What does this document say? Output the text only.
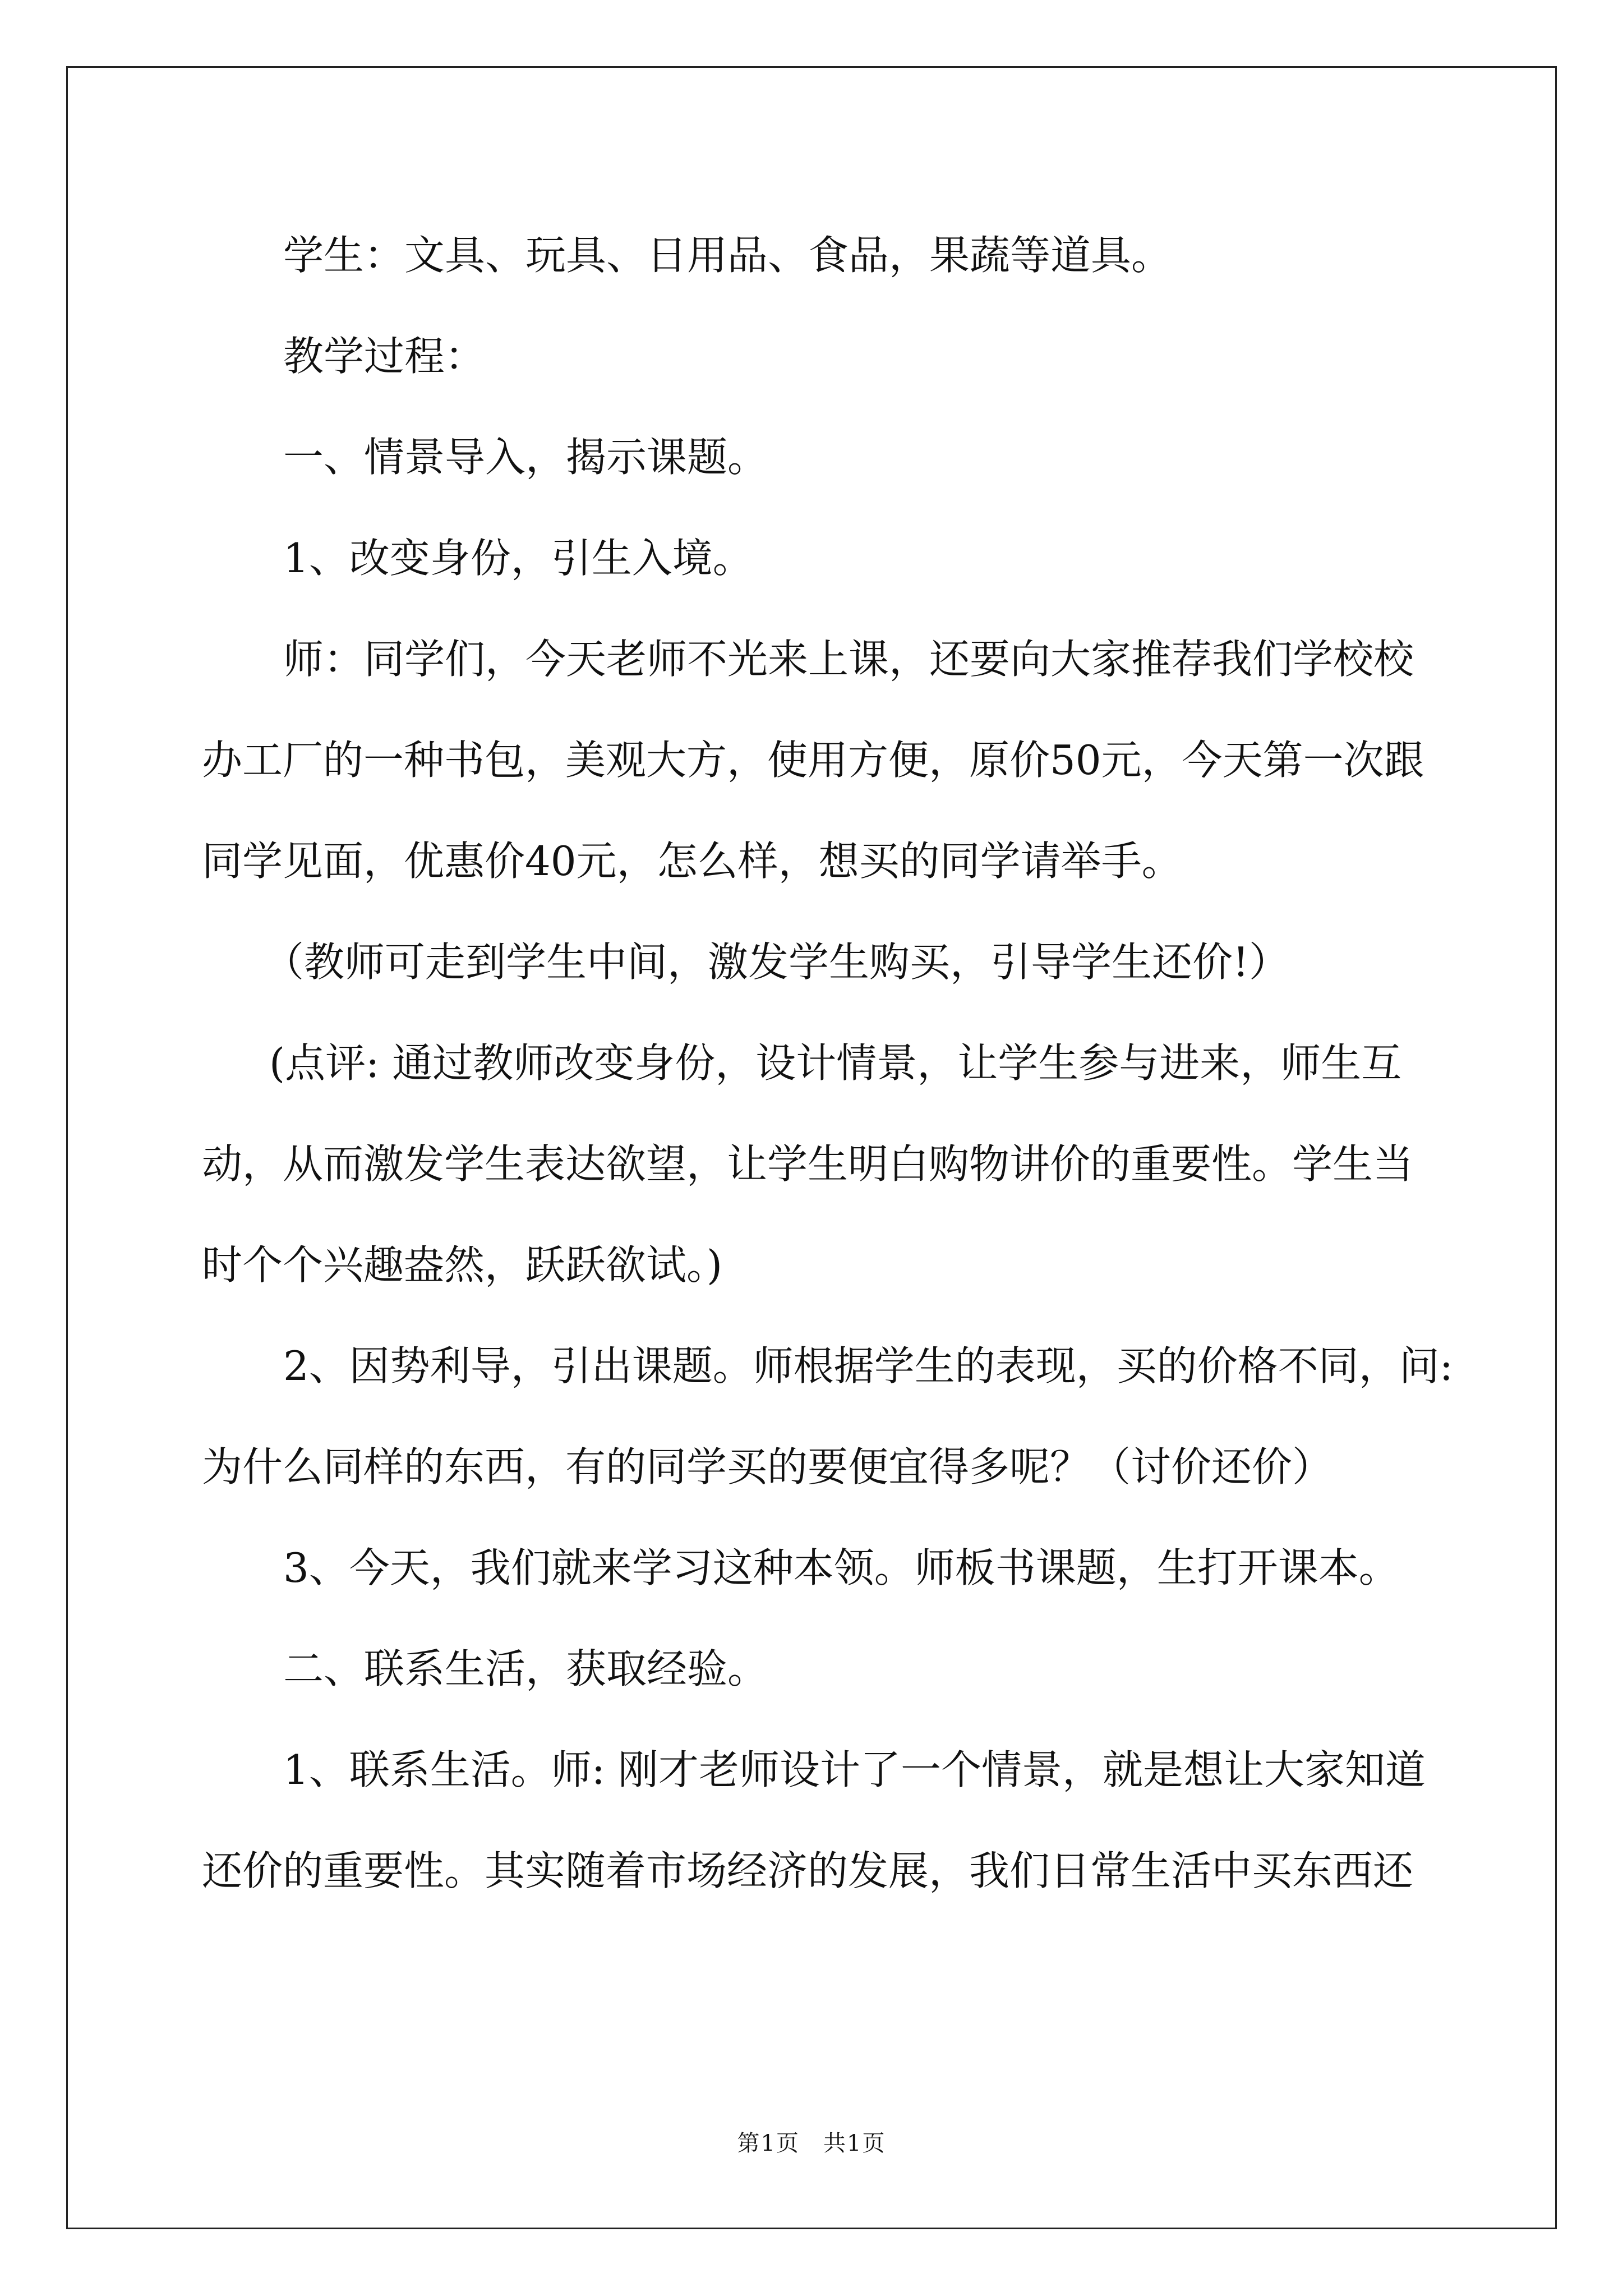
学生：文具、玩具、日用品、食品，果蔬等道具。
教学过程：
一、情景导入，揭示课题。
1、改变身份，引生入境。
师：同学们，今天老师不光来上课，还要向大家推荐我们学校校
办工厂的一种书包，美观大方，使用方便，原价50元，今天第一次跟
同学见面，优惠价40元，怎么样，想买的同学请举手。
（教师可走到学生中间，激发学生购买，引导学生还价!）
(点评: 通过教师改变身份，设计情景，让学生参与进来，师生互
动，从而激发学生表达欲望，让学生明白购物讲价的重要性。学生当
时个个兴趣盎然，跃跃欲试。)
2、因势利导，引出课题。师根据学生的表现，买的价格不同，问:
为什么同样的东西，有的同学买的要便宜得多呢？（讨价还价）
3、今天，我们就来学习这种本领。师板书课题，生打开课本。
二、联系生活，获取经验。
1、联系生活。师: 刚才老师设计了一个情景，就是想让大家知道
还价的重要性。其实随着市场经济的发展，我们日常生活中买东西还
第1页　共1页
